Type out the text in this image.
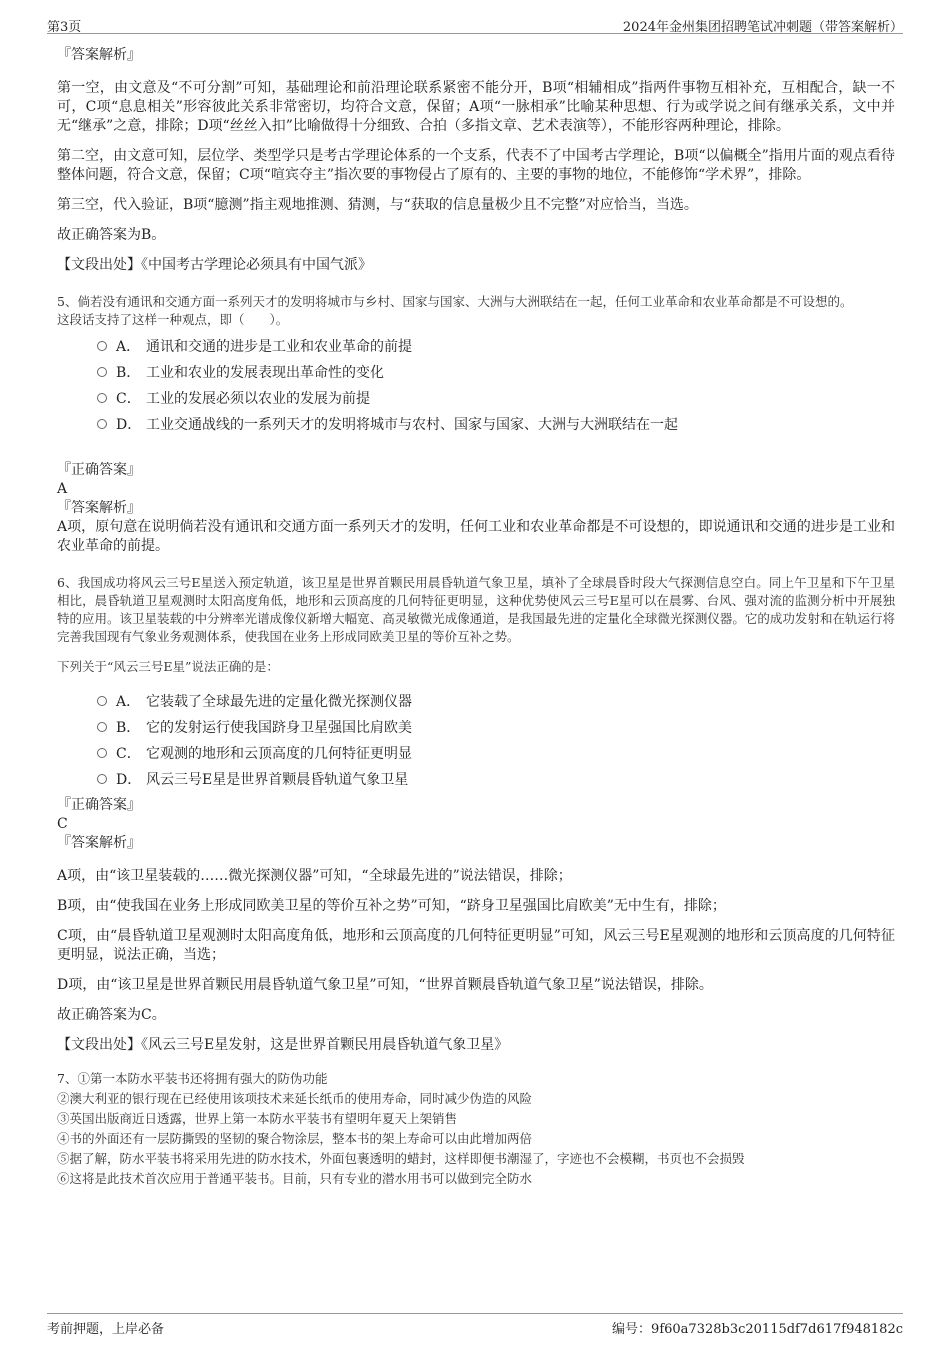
第3页	2024年金州集团招聘笔试冲刺题（带答案解析）
『答案解析』
第一空，由文意及“不可分割”可知，基础理论和前沿理论联系紧密不能分开，B项“相辅相成”指两件事物互相补充，互相配合，缺一不可，C项“息息相关”形容彼此关系非常密切，均符合文意，保留；A项“一脉相承”比喻某种思想、行为或学说之间有继承关系，文中并无“继承”之意，排除；D项“丝丝入扣”比喻做得十分细致、合拍（多指文章、艺术表演等），不能形容两种理论，排除。
第二空，由文意可知，层位学、类型学只是考古学理论体系的一个支系，代表不了中国考古学理论，B项“以偏概全”指用片面的观点看待整体问题，符合文意，保留；C项“喧宾夺主”指次要的事物侵占了原有的、主要的事物的地位，不能修饰“学术界”，排除。
第三空，代入验证，B项“臆测”指主观地推测、猜测，与“获取的信息量极少且不完整”对应恰当，当选。
故正确答案为B。
【文段出处】《中国考古学理论必须具有中国气派》
5、倘若没有通讯和交通方面一系列天才的发明将城市与乡村、国家与国家、大洲与大洲联结在一起，任何工业革命和农业革命都是不可设想的。
这段话支持了这样一种观点，即（　　）。
A． 通讯和交通的进步是工业和农业革命的前提
B． 工业和农业的发展表现出革命性的变化
C． 工业的发展必须以农业的发展为前提
D． 工业交通战线的一系列天才的发明将城市与农村、国家与国家、大洲与大洲联结在一起
『正确答案』
A
『答案解析』
A项，原句意在说明倘若没有通讯和交通方面一系列天才的发明，任何工业和农业革命都是不可设想的，即说通讯和交通的进步是工业和农业革命的前提。
6、我国成功将风云三号E星送入预定轨道，该卫星是世界首颗民用晨昏轨道气象卫星，填补了全球晨昏时段大气探测信息空白。同上午卫星和下午卫星相比，晨昏轨道卫星观测时太阳高度角低，地形和云顶高度的几何特征更明显，这种优势使风云三号E星可以在晨雾、台风、强对流的监测分析中开展独特的应用。该卫星装载的中分辨率光谱成像仪新增大幅宽、高灵敏微光成像通道，是我国最先进的定量化全球微光探测仪器。它的成功发射和在轨运行将完善我国现有气象业务观测体系，使我国在业务上形成同欧美卫星的等价互补之势。
下列关于“风云三号E星”说法正确的是：
A． 它装载了全球最先进的定量化微光探测仪器
B． 它的发射运行使我国跻身卫星强国比肩欧美
C． 它观测的地形和云顶高度的几何特征更明显
D． 风云三号E星是世界首颗晨昏轨道气象卫星
『正确答案』
C
『答案解析』
A项，由“该卫星装载的……微光探测仪器”可知，“全球最先进的”说法错误，排除；
B项，由“使我国在业务上形成同欧美卫星的等价互补之势”可知，“跻身卫星强国比肩欧美”无中生有，排除；
C项，由“晨昏轨道卫星观测时太阳高度角低，地形和云顶高度的几何特征更明显”可知，风云三号E星观测的地形和云顶高度的几何特征更明显，说法正确，当选；
D项，由“该卫星是世界首颗民用晨昏轨道气象卫星”可知，“世界首颗晨昏轨道气象卫星”说法错误，排除。
故正确答案为C。
【文段出处】《风云三号E星发射，这是世界首颗民用晨昏轨道气象卫星》
7、①第一本防水平装书还将拥有强大的防伪功能
②澳大利亚的银行现在已经使用该项技术来延长纸币的使用寿命，同时减少伪造的风险
③英国出版商近日透露，世界上第一本防水平装书有望明年夏天上架销售
④书的外面还有一层防撕毁的坚韧的聚合物涂层，整本书的架上寿命可以由此增加两倍
⑤据了解，防水平装书将采用先进的防水技术，外面包裹透明的蜡封，这样即便书潮湿了，字迹也不会模糊，书页也不会损毁
⑥这将是此技术首次应用于普通平装书。目前，只有专业的潜水用书可以做到完全防水
考前押题，上岸必备	编号：9f60a7328b3c20115df7d617f948182c
